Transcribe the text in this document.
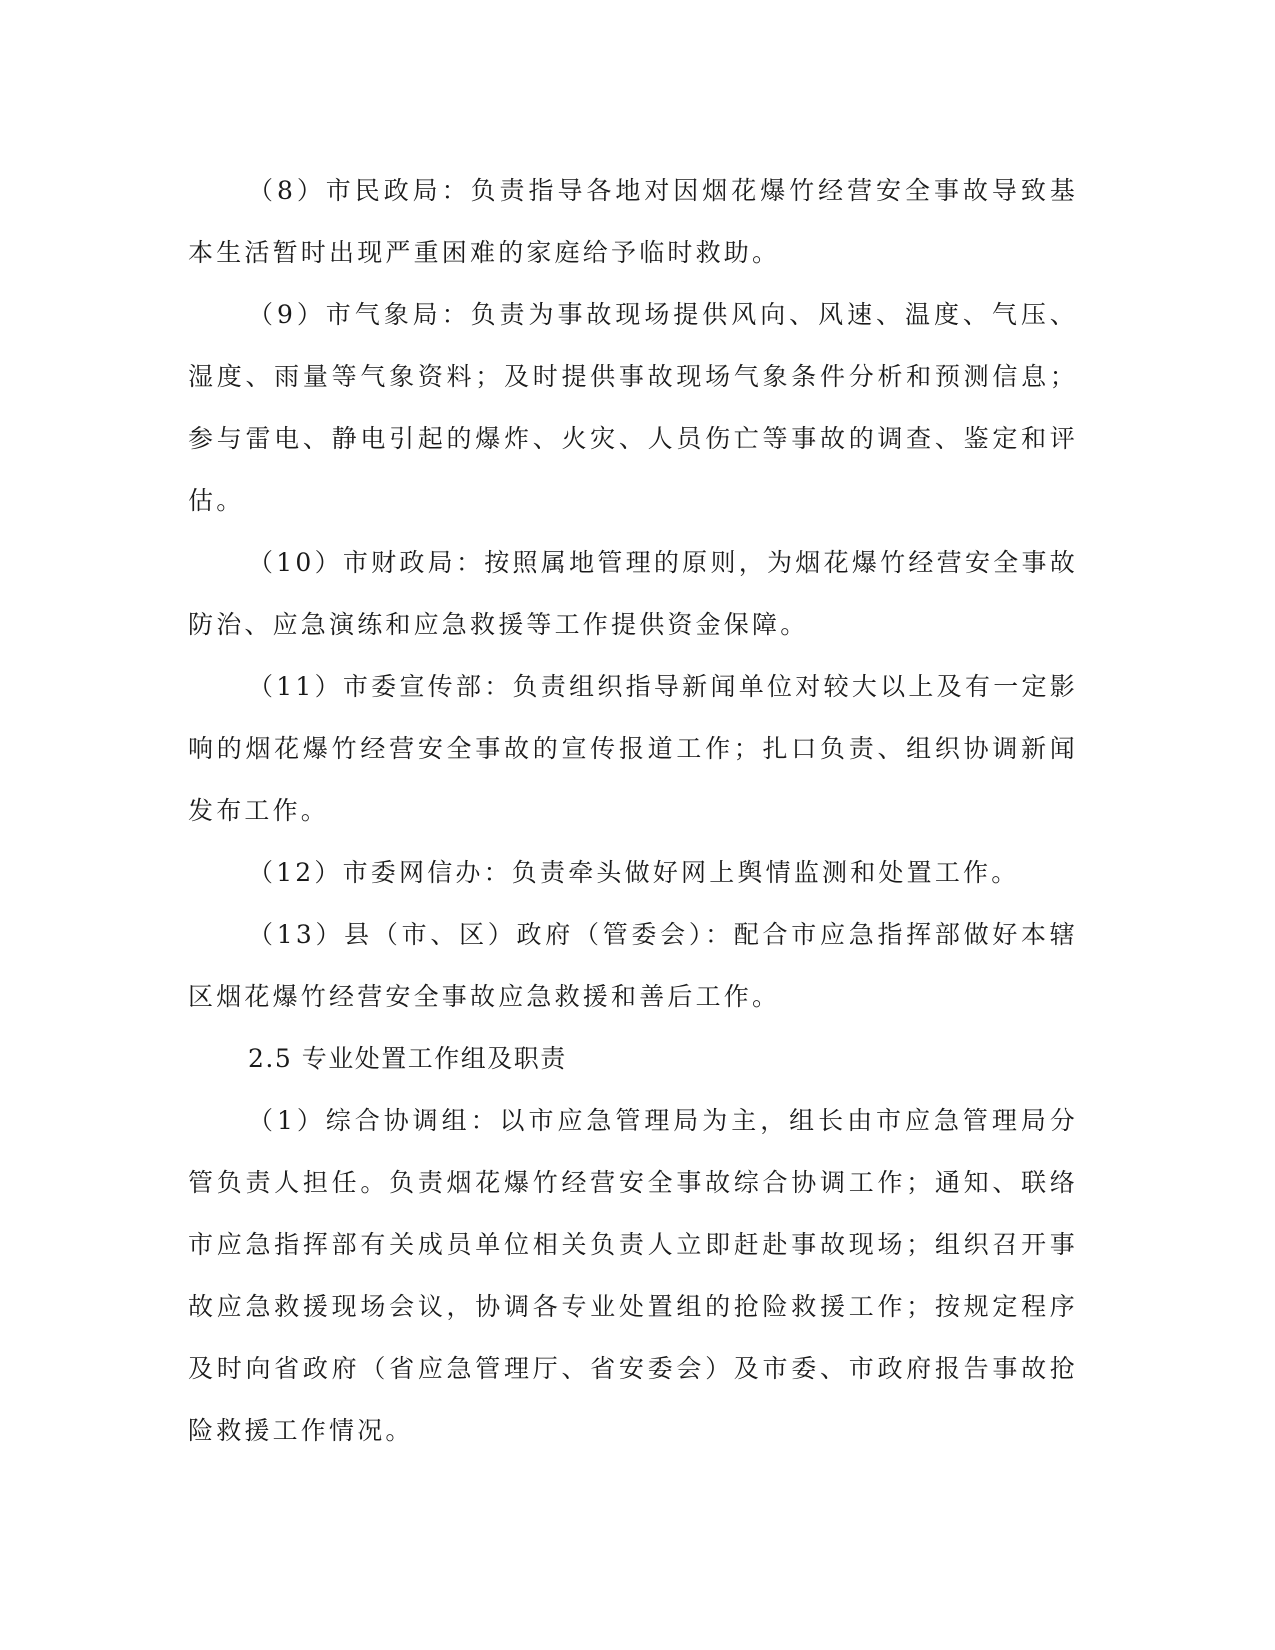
（8）市民政局：负责指导各地对因烟花爆竹经营安全事故导致基本生活暂时出现严重困难的家庭给予临时救助。

（9）市气象局：负责为事故现场提供风向、风速、温度、气压、湿度、雨量等气象资料；及时提供事故现场气象条件分析和预测信息；参与雷电、静电引起的爆炸、火灾、人员伤亡等事故的调查、鉴定和评估。

（10）市财政局：按照属地管理的原则，为烟花爆竹经营安全事故防治、应急演练和应急救援等工作提供资金保障。

（11）市委宣传部：负责组织指导新闻单位对较大以上及有一定影响的烟花爆竹经营安全事故的宣传报道工作；扎口负责、组织协调新闻发布工作。

（12）市委网信办：负责牵头做好网上舆情监测和处置工作。

（13）县（市、区）政府（管委会）：配合市应急指挥部做好本辖区烟花爆竹经营安全事故应急救援和善后工作。

2.5 专业处置工作组及职责

（1）综合协调组：以市应急管理局为主，组长由市应急管理局分管负责人担任。负责烟花爆竹经营安全事故综合协调工作；通知、联络市应急指挥部有关成员单位相关负责人立即赶赴事故现场；组织召开事故应急救援现场会议，协调各专业处置组的抢险救援工作；按规定程序及时向省政府（省应急管理厅、省安委会）及市委、市政府报告事故抢险救援工作情况。
